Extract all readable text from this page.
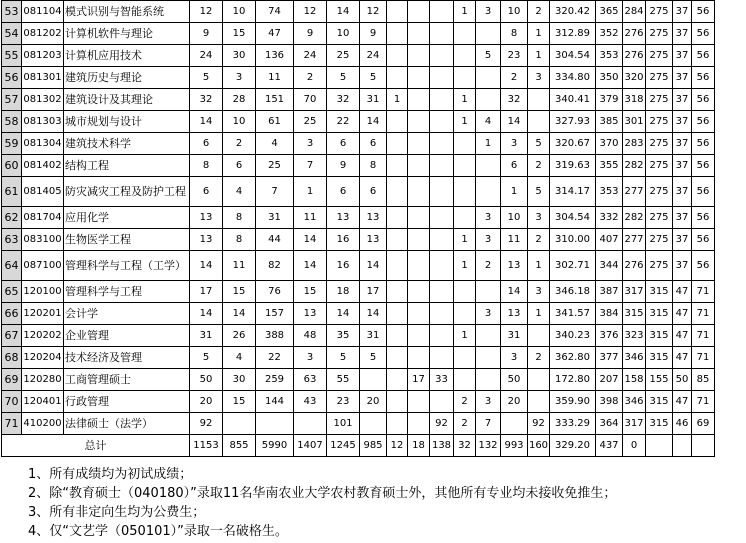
53	081104	模式识别与智能系统	12	10	74	12	14	12				1	3	10	2	320.42	365	284	275	37	56
54	081202	计算机软件与理论	9	15	47	9	10	9						8	1	312.89	352	276	275	37	56
55	081203	计算机应用技术	24	30	136	24	25	24					5	23	1	304.54	353	276	275	37	56
56	081301	建筑历史与理论	5	3	11	2	5	5						2	3	334.80	350	320	275	37	56
57	081302	建筑设计及其理论	32	28	151	70	32	31	1			1		32		340.41	379	318	275	37	56
58	081303	城市规划与设计	14	10	61	25	22	14				1	4	14		327.93	385	301	275	37	56
59	081304	建筑技术科学	6	2	4	3	6	6					1	3	5	320.67	370	283	275	37	56
60	081402	结构工程	8	6	25	7	9	8						6	2	319.63	355	282	275	37	56
61	081405	防灾减灾工程及防护工程	6	4	7	1	6	6						1	5	314.17	353	277	275	37	56
62	081704	应用化学	13	8	31	11	13	13					3	10	3	304.54	332	282	275	37	56
63	083100	生物医学工程	13	8	44	14	16	13				1	3	11	2	310.00	407	277	275	37	56
64	087100	管理科学与工程（工学）	14	11	82	14	16	14				1	2	13	1	302.71	344	276	275	37	56
65	120100	管理科学与工程	17	15	76	15	18	17						14	3	346.18	387	317	315	47	71
66	120201	会计学	14	14	157	13	14	14					3	13	1	341.57	384	315	315	47	71
67	120202	企业管理	31	26	388	48	35	31				1		31		340.23	376	323	315	47	71
68	120204	技术经济及管理	5	4	22	3	5	5						3	2	362.80	377	346	315	47	71
69	120280	工商管理硕士	50	30	259	63	55			17	33			50		172.80	207	158	155	50	85
70	120401	行政管理	20	15	144	43	23	20				2	3	20		359.90	398	346	315	47	71
71	410200	法律硕士（法学）	92				101				92	2	7		92	333.29	364	317	315	46	69
总计			1153	855	5990	1407	1245	985	12	18	138	32	132	993	160	329.20	437	0			
1、所有成绩均为初试成绩；
2、除“教育硕士（040180）”录取11名华南农业大学农村教育硕士外，其他所有专业均未接收免推生；
3、所有非定向生均为公费生；
4、仅“文艺学（050101）”录取一名破格生。
